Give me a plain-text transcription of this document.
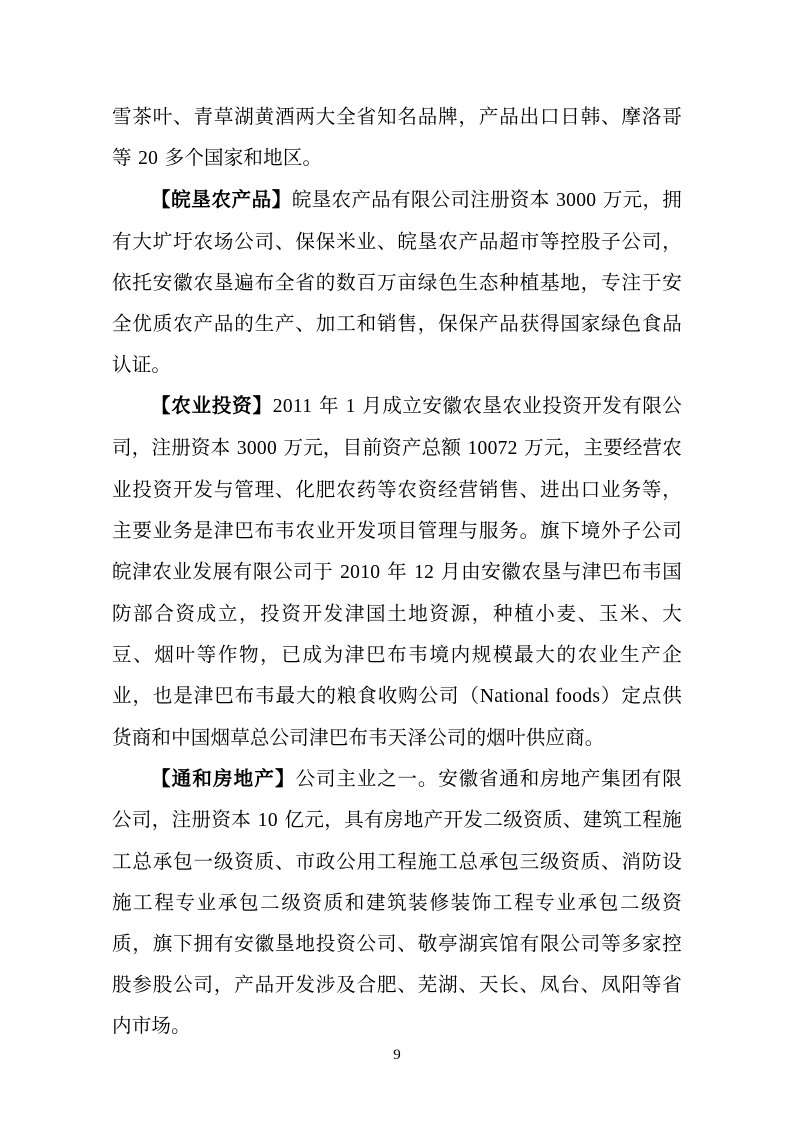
雪茶叶、青草湖黄酒两大全省知名品牌，产品出口日韩、摩洛哥等 20 多个国家和地区。

【皖垦农产品】皖垦农产品有限公司注册资本 3000 万元，拥有大圹圩农场公司、保保米业、皖垦农产品超市等控股子公司，依托安徽农垦遍布全省的数百万亩绿色生态种植基地，专注于安全优质农产品的生产、加工和销售，保保产品获得国家绿色食品认证。

【农业投资】2011 年 1 月成立安徽农垦农业投资开发有限公司，注册资本 3000 万元，目前资产总额 10072 万元，主要经营农业投资开发与管理、化肥农药等农资经营销售、进出口业务等，主要业务是津巴布韦农业开发项目管理与服务。旗下境外子公司皖津农业发展有限公司于 2010 年 12 月由安徽农垦与津巴布韦国防部合资成立，投资开发津国土地资源，种植小麦、玉米、大豆、烟叶等作物，已成为津巴布韦境内规模最大的农业生产企业，也是津巴布韦最大的粮食收购公司（National foods）定点供货商和中国烟草总公司津巴布韦天泽公司的烟叶供应商。

【通和房地产】公司主业之一。安徽省通和房地产集团有限公司，注册资本 10 亿元，具有房地产开发二级资质、建筑工程施工总承包一级资质、市政公用工程施工总承包三级资质、消防设施工程专业承包二级资质和建筑装修装饰工程专业承包二级资质，旗下拥有安徽垦地投资公司、敬亭湖宾馆有限公司等多家控股参股公司，产品开发涉及合肥、芜湖、天长、凤台、凤阳等省内市场。

9
